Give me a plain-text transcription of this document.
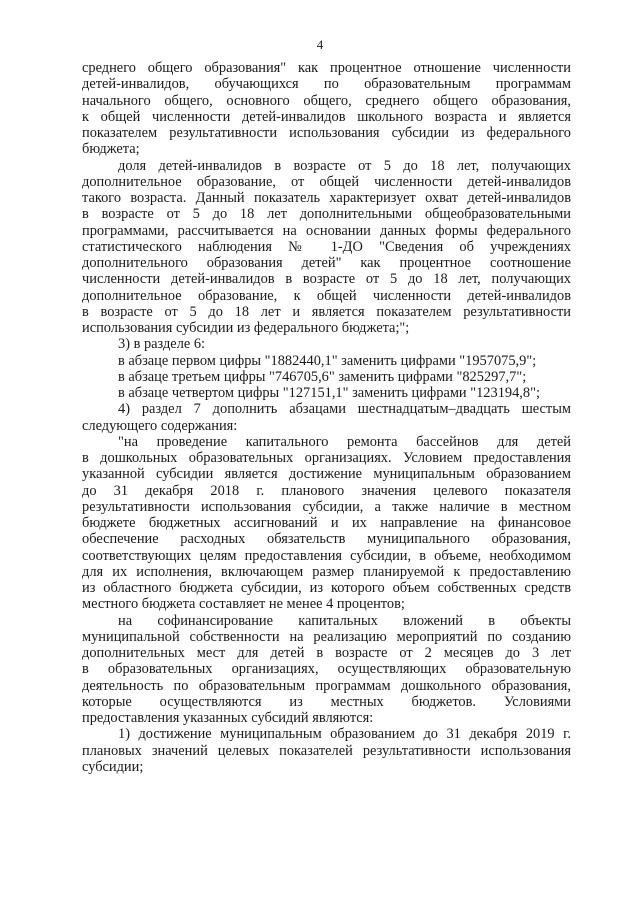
4
среднего общего образования" как процентное отношение численности
детей-инвалидов, обучающихся по образовательным программам
начального общего, основного общего, среднего общего образования,
к общей численности детей-инвалидов школьного возраста и является
показателем результативности использования субсидии из федерального
бюджета;
доля детей-инвалидов в возрасте от 5 до 18 лет, получающих
дополнительное образование, от общей численности детей-инвалидов
такого возраста. Данный показатель характеризует охват детей-инвалидов
в возрасте от 5 до 18 лет дополнительными общеобразовательными
программами, рассчитывается на основании данных формы федерального
статистического наблюдения № 1-ДО "Сведения об учреждениях
дополнительного образования детей" как процентное соотношение
численности детей-инвалидов в возрасте от 5 до 18 лет, получающих
дополнительное образование, к общей численности детей-инвалидов
в возрасте от 5 до 18 лет и является показателем результативности
использования субсидии из федерального бюджета;";
3) в разделе 6:
в абзаце первом цифры "1882440,1" заменить цифрами "1957075,9";
в абзаце третьем цифры "746705,6" заменить цифрами "825297,7";
в абзаце четвертом цифры "127151,1" заменить цифрами "123194,8";
4) раздел 7 дополнить абзацами шестнадцатым–двадцать шестым
следующего содержания:
"на проведение капитального ремонта бассейнов для детей
в дошкольных образовательных организациях. Условием предоставления
указанной субсидии является достижение муниципальным образованием
до 31 декабря 2018 г. планового значения целевого показателя
результативности использования субсидии, а также наличие в местном
бюджете бюджетных ассигнований и их направление на финансовое
обеспечение расходных обязательств муниципального образования,
соответствующих целям предоставления субсидии, в объеме, необходимом
для их исполнения, включающем размер планируемой к предоставлению
из областного бюджета субсидии, из которого объем собственных средств
местного бюджета составляет не менее 4 процентов;
на софинансирование капитальных вложений в объекты
муниципальной собственности на реализацию мероприятий по созданию
дополнительных мест для детей в возрасте от 2 месяцев до 3 лет
в образовательных организациях, осуществляющих образовательную
деятельность по образовательным программам дошкольного образования,
которые осуществляются из местных бюджетов. Условиями
предоставления указанных субсидий являются:
1) достижение муниципальным образованием до 31 декабря 2019 г.
плановых значений целевых показателей результативности использования
субсидии;
